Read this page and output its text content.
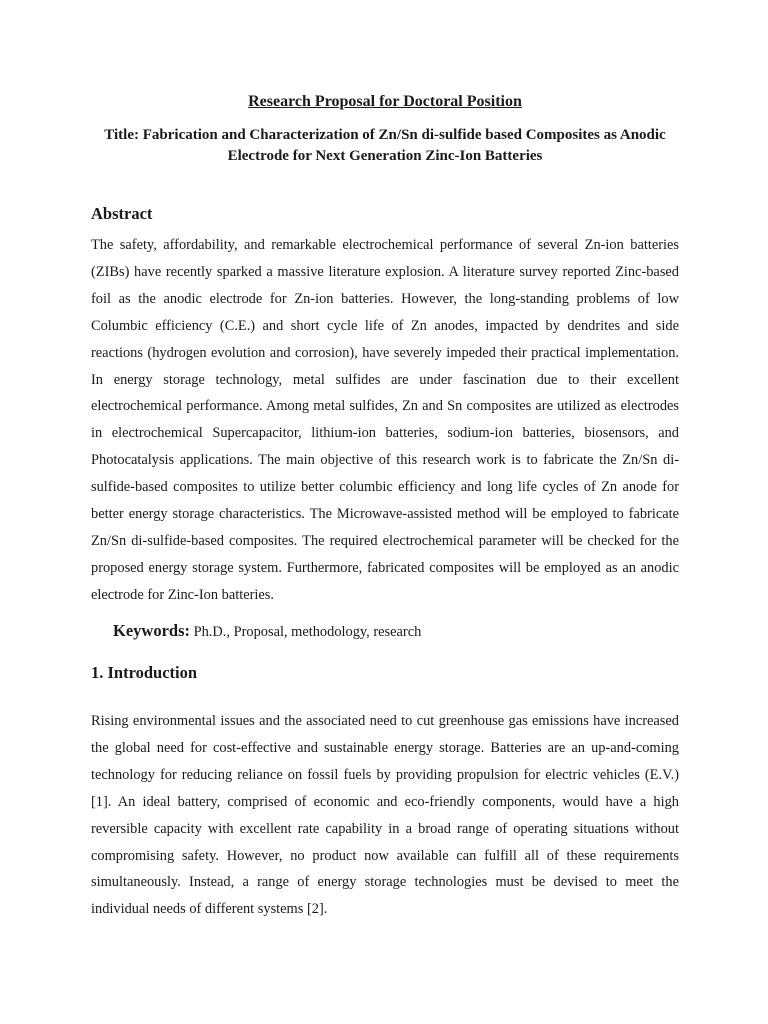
Research Proposal for Doctoral Position
Title: Fabrication and Characterization of Zn/Sn di-sulfide based Composites as Anodic Electrode for Next Generation Zinc-Ion Batteries
Abstract

The safety, affordability, and remarkable electrochemical performance of several Zn-ion batteries (ZIBs) have recently sparked a massive literature explosion. A literature survey reported Zinc-based foil as the anodic electrode for Zn-ion batteries. However, the long-standing problems of low Columbic efficiency (C.E.) and short cycle life of Zn anodes, impacted by dendrites and side reactions (hydrogen evolution and corrosion), have severely impeded their practical implementation. In energy storage technology, metal sulfides are under fascination due to their excellent electrochemical performance. Among metal sulfides, Zn and Sn composites are utilized as electrodes in electrochemical Supercapacitor, lithium-ion batteries, sodium-ion batteries, biosensors, and Photocatalysis applications. The main objective of this research work is to fabricate the Zn/Sn di-sulfide-based composites to utilize better columbic efficiency and long life cycles of Zn anode for better energy storage characteristics. The Microwave-assisted method will be employed to fabricate Zn/Sn di-sulfide-based composites. The required electrochemical parameter will be checked for the proposed energy storage system. Furthermore, fabricated composites will be employed as an anodic electrode for Zinc-Ion batteries.

Keywords: Ph.D., Proposal, methodology, research
1. Introduction

Rising environmental issues and the associated need to cut greenhouse gas emissions have increased the global need for cost-effective and sustainable energy storage. Batteries are an up-and-coming technology for reducing reliance on fossil fuels by providing propulsion for electric vehicles (E.V.)[1]. An ideal battery, comprised of economic and eco-friendly components, would have a high reversible capacity with excellent rate capability in a broad range of operating situations without compromising safety. However, no product now available can fulfill all of these requirements simultaneously. Instead, a range of energy storage technologies must be devised to meet the individual needs of different systems [2].
